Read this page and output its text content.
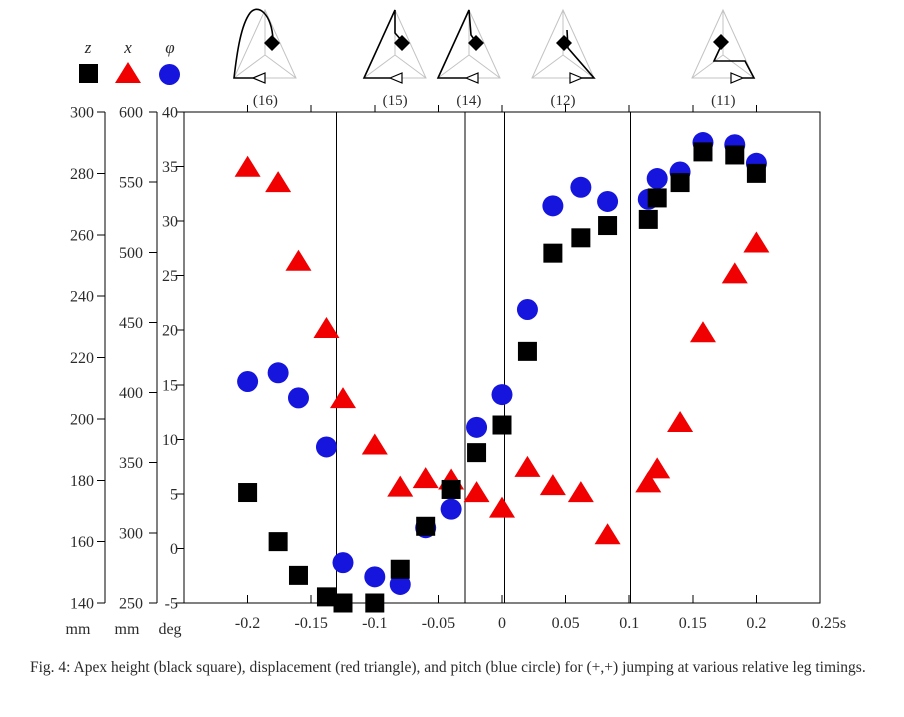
z	x	φ
140
160
180
200
220
240
260
280
300
mm
250
300
350
400
450
500
550
600
mm
-5
0
5
10
15
20
25
30
35
40
deg	-0.2 -0.15 -0.1 -0.05	0	0.05 0.1 0.15 0.2	0.25s
(16)	(15)	(14)	(12)	(11)
Fig. 4: Apex height (black square), displacement (red triangle), and pitch (blue circle) for (+,+) jumping at various relative leg timings.
